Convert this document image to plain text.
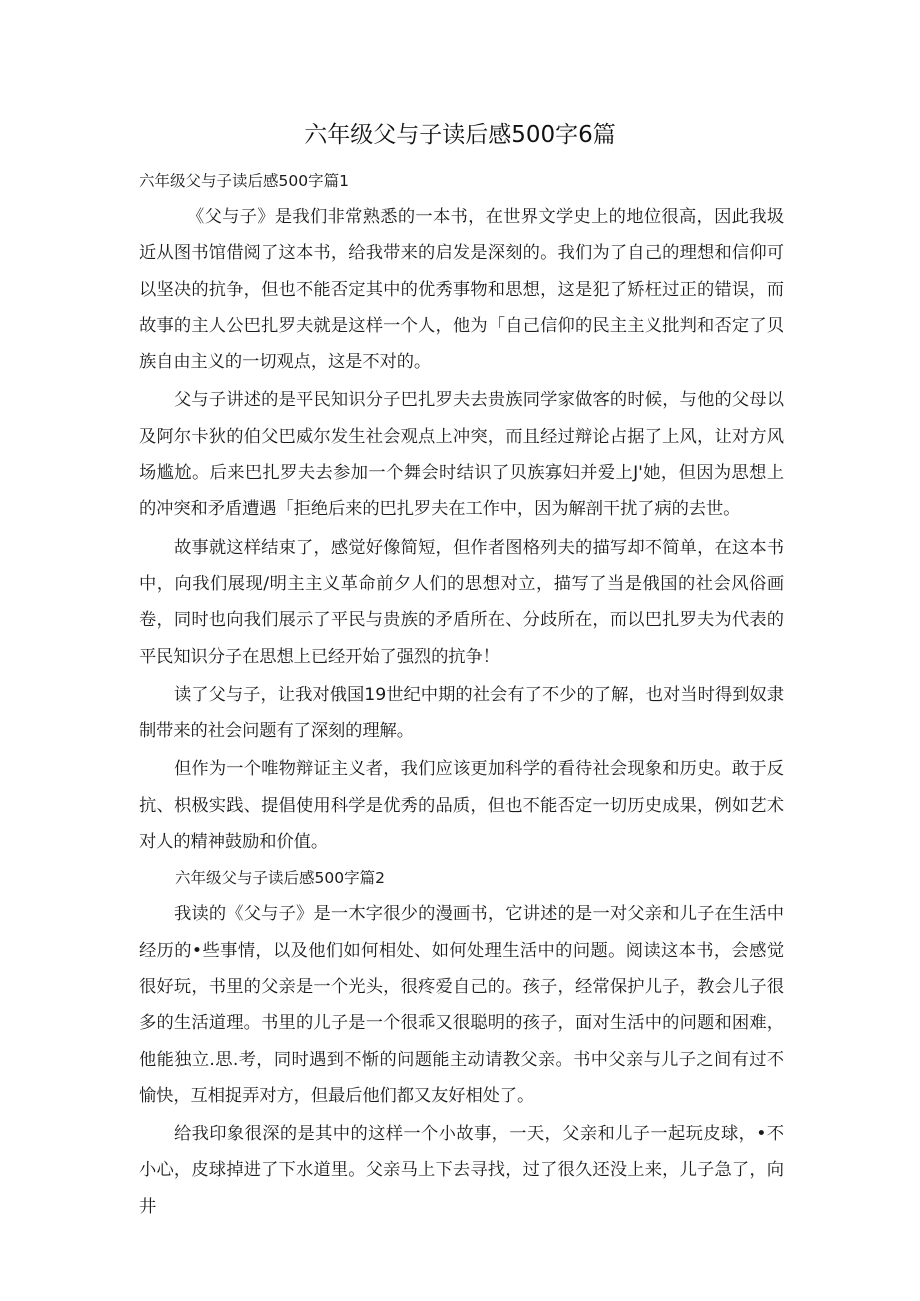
六年级父与子读后感500字6篇
六年级父与子读后感500字篇1

《父与子》是我们非常熟悉的一本书，在世界文学史上的地位很高，因此我圾近从图书馆借阅了这本书，给我带来的启发是深刻的。我们为了自己的理想和信仰可以坚决的抗争，但也不能否定其中的优秀事物和思想，这是犯了矫枉过正的错误，而故事的主人公巴扎罗夫就是这样一个人，他为「自己信仰的民主主义批判和否定了贝族自由主义的一切观点，这是不对的。

父与子讲述的是平民知识分子巴扎罗夫去贵族同学家做客的时候，与他的父母以及阿尔卡狄的伯父巴威尔发生社会观点上冲突，而且经过辩论占据了上风，让对方风场尴尬。后来巴扎罗夫去参加一个舞会时结识了贝族寡妇并爱上J'她，但因为思想上的冲突和矛盾遭遇「拒绝后来的巴扎罗夫在工作中，因为解剖干扰了病的去世。

故事就这样结束了，感觉好像简短，但作者图格列夫的描写却不简单，在这本书中，向我们展现/明主主义革命前夕人们的思想对立，描写了当是俄国的社会风俗画卷，同时也向我们展示了平民与贵族的矛盾所在、分歧所在，而以巴扎罗夫为代表的平民知识分子在思想上已经开始了强烈的抗争！

读了父与子，让我对俄国19世纪中期的社会有了不少的了解，也对当时得到奴隶制带来的社会问题有了深刻的理解。

但作为一个唯物辩证主义者，我们应该更加科学的看待社会现象和历史。敢于反抗、枳极实践、提倡使用科学是优秀的品质，但也不能否定一切历史成果，例如艺术对人的精神鼓励和价值。

六年级父与子读后感500字篇2

我读的《父与子》是一木字很少的漫画书，它讲述的是一对父亲和儿子在生活中经历的•些事情，以及他们如何相处、如何处理生活中的问题。阅读这本书，会感觉很好玩，书里的父亲是一个光头，很疼爱自己的。孩子，经常保护儿子，教会儿子很多的生活道理。书里的儿子是一个很乖又很聪明的孩子，面对生活中的问题和困难，他能独立.思.考，同时遇到不惭的问题能主动请教父亲。书中父亲与儿子之间有过不愉快，互相捉弄对方，但最后他们都又友好相处了。

给我印象很深的是其中的这样一个小故事，一天，父亲和儿子一起玩皮球，•不小心，皮球掉进了下水道里。父亲马上下去寻找，过了很久还没上来，儿子急了，向井
